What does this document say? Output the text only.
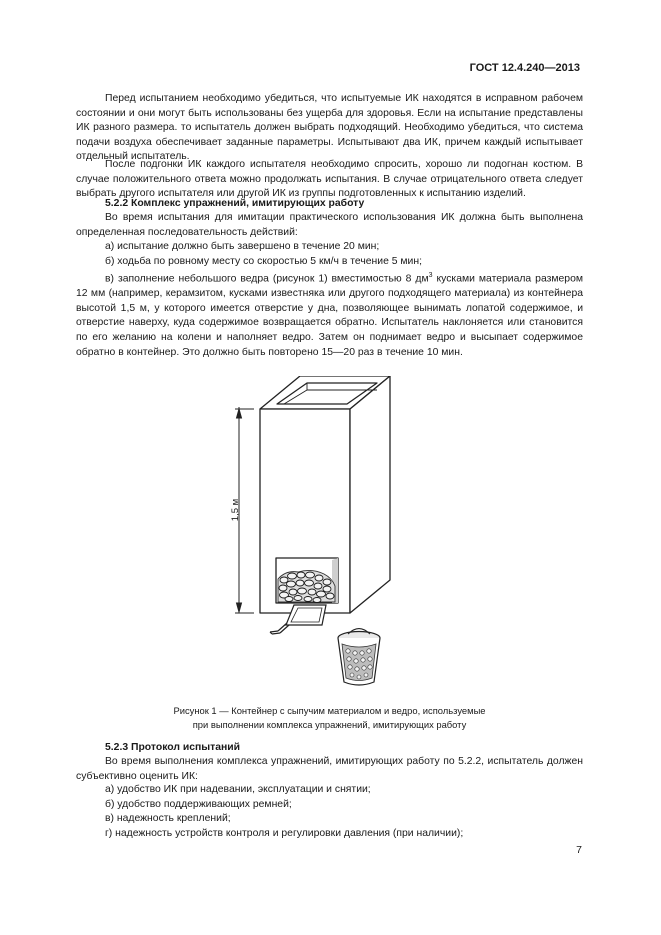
ГОСТ 12.4.240—2013

Перед испытанием необходимо убедиться, что испытуемые ИК находятся в исправном рабочем состоянии и они могут быть использованы без ущерба для здоровья. Если на испытание представлены ИК разного размера. то испытатель должен выбрать подходящий. Необходимо убедиться, что система подачи воздуха обеспечивает заданные параметры. Испытывают два ИК, причем каждый испытывает отдельный испытатель.

После подгонки ИК каждого испытателя необходимо спросить, хорошо ли подогнан костюм. В случае положительного ответа можно продолжать испытания. В случае отрицательного ответа следует выбрать другого испытателя или другой ИК из группы подготовленных к испытанию изделий.

5.2.2 Комплекс упражнений, имитирующих работу

Во время испытания для имитации практического использования ИК должна быть выполнена определенная последовательность действий:

а) испытание должно быть завершено в течение 20 мин;
б) ходьба по ровному месту со скоростью 5 км/ч в течение 5 мин;
в) заполнение небольшого ведра (рисунок 1) вместимостью 8 $дм^3$ кусками материала размером 12 мм (например, керамзитом, кусками известняка или другого подходящего материала) из контейнера высотой 1,5 м, у которого имеется отверстие у дна, позволяющее вынимать лопатой содержимое, и отверстие наверху, куда содержимое возвращается обратно. Испытатель наклоняется или становится по его желанию на колени и наполняет ведро. Затем он поднимает ведро и высыпает содержимое обратно в контейнер. Это должно быть повторено 15—20 раз в течение 10 мин.
1,5 м
Рисунок 1 — Контейнер с сыпучим материалом и ведро, используемые
при выполнении комплекса упражнений, имитирующих работу

5.2.3 Протокол испытаний

Во время выполнения комплекса упражнений, имитирующих работу по 5.2.2, испытатель должен субъективно оценить ИК:

а) удобство ИК при надевании, эксплуатации и снятии;
б) удобство поддерживающих ремней;
в) надежность креплений;
г) надежность устройств контроля и регулировки давления (при наличии);
7
